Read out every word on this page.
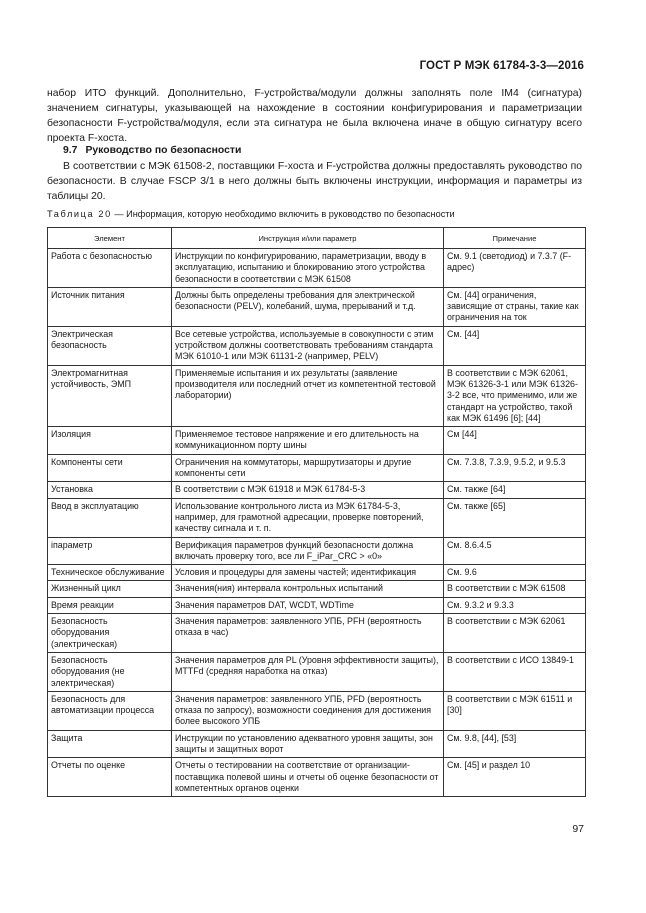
ГОСТ Р МЭК 61784-3-3—2016
набор ИТО функций. Дополнительно, F-устройства/модули должны заполнять поле IM4 (сигнатура) значением сигнатуры, указывающей на нахождение в состоянии конфигурирования и параметризации безопасности F-устройства/модуля, если эта сигнатура не была включена иначе в общую сигнатуру всего проекта F-хоста.
9.7 Руководство по безопасности
В соответствии с МЭК 61508-2, поставщики F-хоста и F-устройства должны предоставлять руководство по безопасности. В случае FSCP 3/1 в него должны быть включены инструкции, информация и параметры из таблицы 20.
Таблица 20 — Информация, которую необходимо включить в руководство по безопасности
Элемент	Инструкция и/или параметр	Примечание
Работа с безопасностью	Инструкции по конфигурированию, параметризации, вводу в эксплуатацию, испытанию и блокированию этого устройства безопасности в соответствии с МЭК 61508	См. 9.1 (светодиод) и 7.3.7 (F-адрес)
Источник питания	Должны быть определены требования для электрической безопасности (PELV), колебаний, шума, прерываний и т.д.	См. [44] ограничения, зависящие от страны, такие как ограничения на ток
Электрическая безопасность	Все сетевые устройства, используемые в совокупности с этим устройством должны соответствовать требованиям стандарта МЭК 61010-1 или МЭК 61131-2 (например, PELV)	См. [44]
Электромагнитная устойчивость, ЭМП	Применяемые испытания и их результаты (заявление производителя или последний отчет из компетентной тестовой лаборатории)	В соответствии с МЭК 62061, МЭК 61326-3-1 или МЭК 61326-3-2 все, что применимо, или же стандарт на устройство, такой как МЭК 61496 [6]; [44]
Изоляция	Применяемое тестовое напряжение и его длительность на коммуникационном порту шины	См [44]
Компоненты сети	Ограничения на коммутаторы, маршрутизаторы и другие компоненты сети	См. 7.3.8, 7.3.9, 9.5.2, и 9.5.3
Установка	В соответствии с МЭК 61918 и МЭК 61784-5-3	См. также [64]
Ввод в эксплуатацию	Использование контрольного листа из МЭК 61784-5-3, например, для грамотной адресации, проверке повторений, качеству сигнала и т. п.	См. также [65]
iпараметр	Верификация параметров функций безопасности должна включать проверку того, все ли F_iPar_CRC > «0»	См. 8.6.4.5
Техническое обслуживание	Условия и процедуры для замены частей; идентификация	См. 9.6
Жизненный цикл	Значения(ния) интервала контрольных испытаний	В соответствии с МЭК 61508
Время реакции	Значения параметров DAT, WCDT, WDTime	См. 9.3.2 и 9.3.3
Безопасность оборудования (электрическая)	Значения параметров: заявленного УПБ, PFH (вероятность отказа в час)	В соответствии с МЭК 62061
Безопасность оборудования (не электрическая)	Значения параметров для PL (Уровня эффективности защиты), MTTFd (средняя наработка на отказ)	В соответствии с ИСО 13849-1
Безопасность для автоматизации процесса	Значения параметров: заявленного УПБ, PFD (вероятность отказа по запросу), возможности соединения для достижения более высокого УПБ	В соответствии с МЭК 61511 и [30]
Защита	Инструкции по установлению адекватного уровня защиты, зон защиты и защитных ворот	См. 9.8, [44], [53]
Отчеты по оценке	Отчеты о тестировании на соответствие от организации-поставщика полевой шины и отчеты об оценке безопасности от компетентных органов оценки	См. [45] и раздел 10
97
